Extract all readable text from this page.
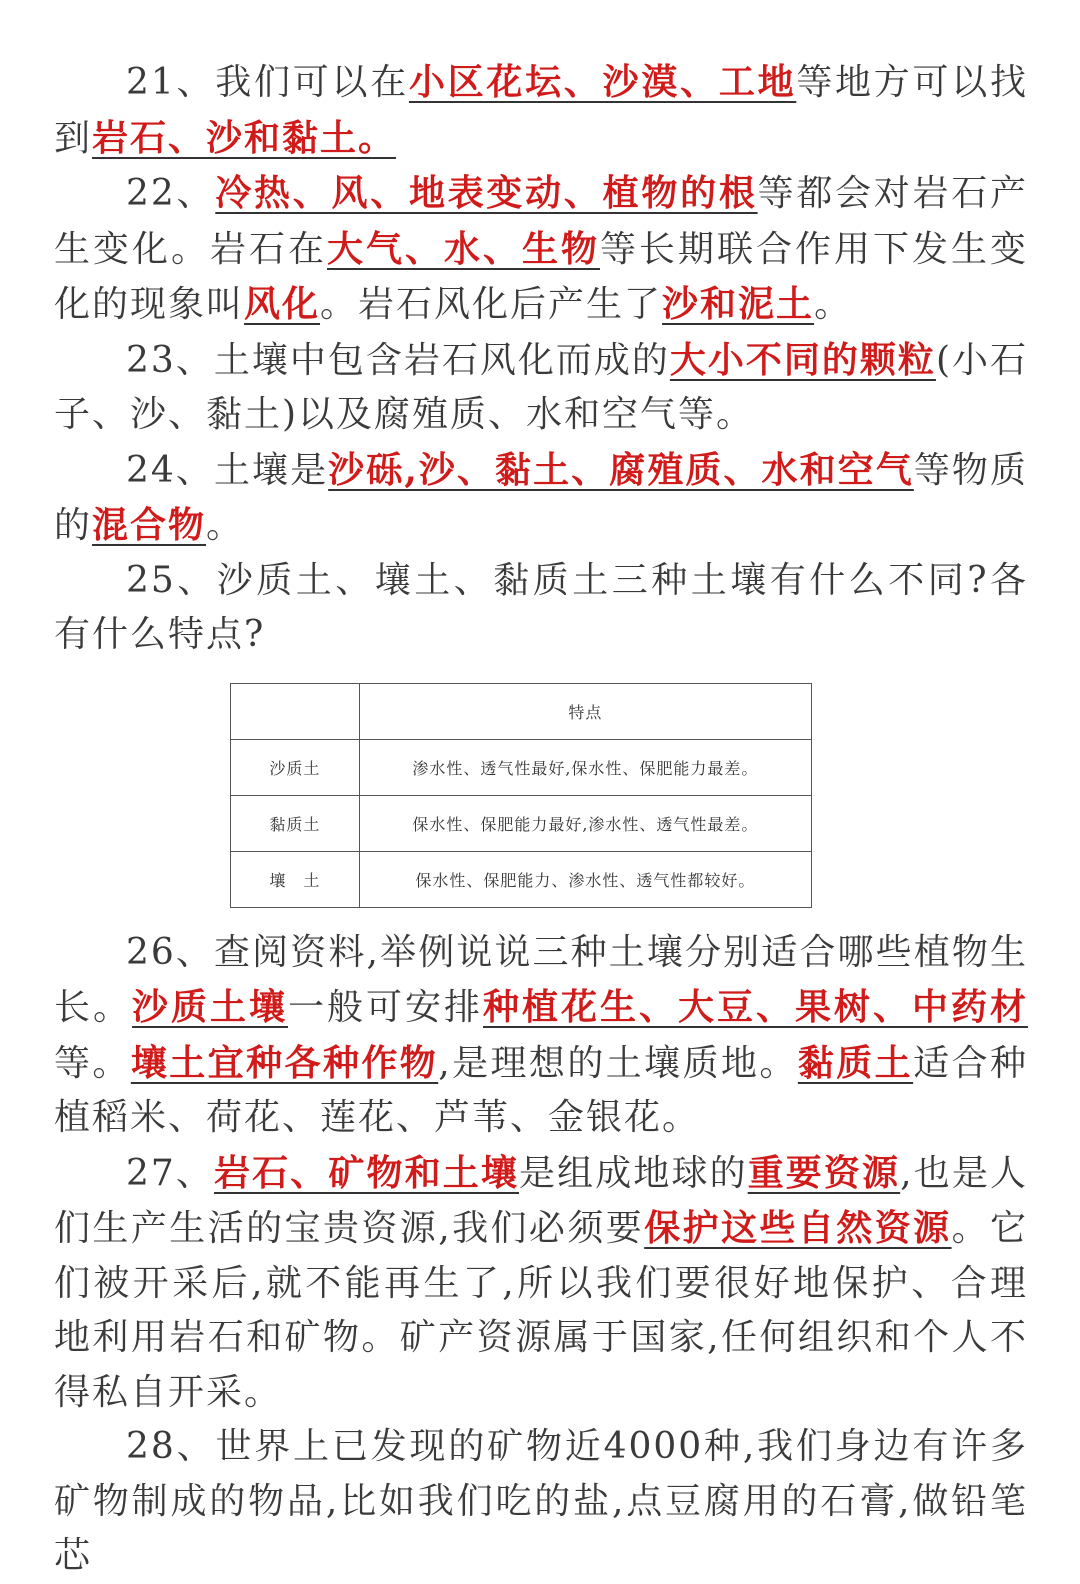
21、我们可以在小区花坛、沙漠、工地等地方可以找到岩石、沙和黏土。

22、冷热、风、地表变动、植物的根等都会对岩石产生变化。岩石在大气、水、生物等长期联合作用下发生变化的现象叫风化。岩石风化后产生了沙和泥土。

23、土壤中包含岩石风化而成的大小不同的颗粒(小石子、沙、黏土)以及腐殖质、水和空气等。

24、土壤是沙砾,沙、黏土、腐殖质、水和空气等物质的混合物。

25、沙质土、壤土、黏质土三种土壤有什么不同?各有什么特点?

	特点
沙质土	渗水性、透气性最好,保水性、保肥能力最差。
黏质土	保水性、保肥能力最好,渗水性、透气性最差。
壤　土	保水性、保肥能力、渗水性、透气性都较好。

26、查阅资料,举例说说三种土壤分别适合哪些植物生长。沙质土壤一般可安排种植花生、大豆、果树、中药材等。壤土宜种各种作物,是理想的土壤质地。黏质土适合种植稻米、荷花、莲花、芦苇、金银花。

27、岩石、矿物和土壤是组成地球的重要资源,也是人们生产生活的宝贵资源,我们必须要保护这些自然资源。它们被开采后,就不能再生了,所以我们要很好地保护、合理地利用岩石和矿物。矿产资源属于国家,任何组织和个人不得私自开采。

28、世界上已发现的矿物近4000种,我们身边有许多矿物制成的物品,比如我们吃的盐,点豆腐用的石膏,做铅笔芯
